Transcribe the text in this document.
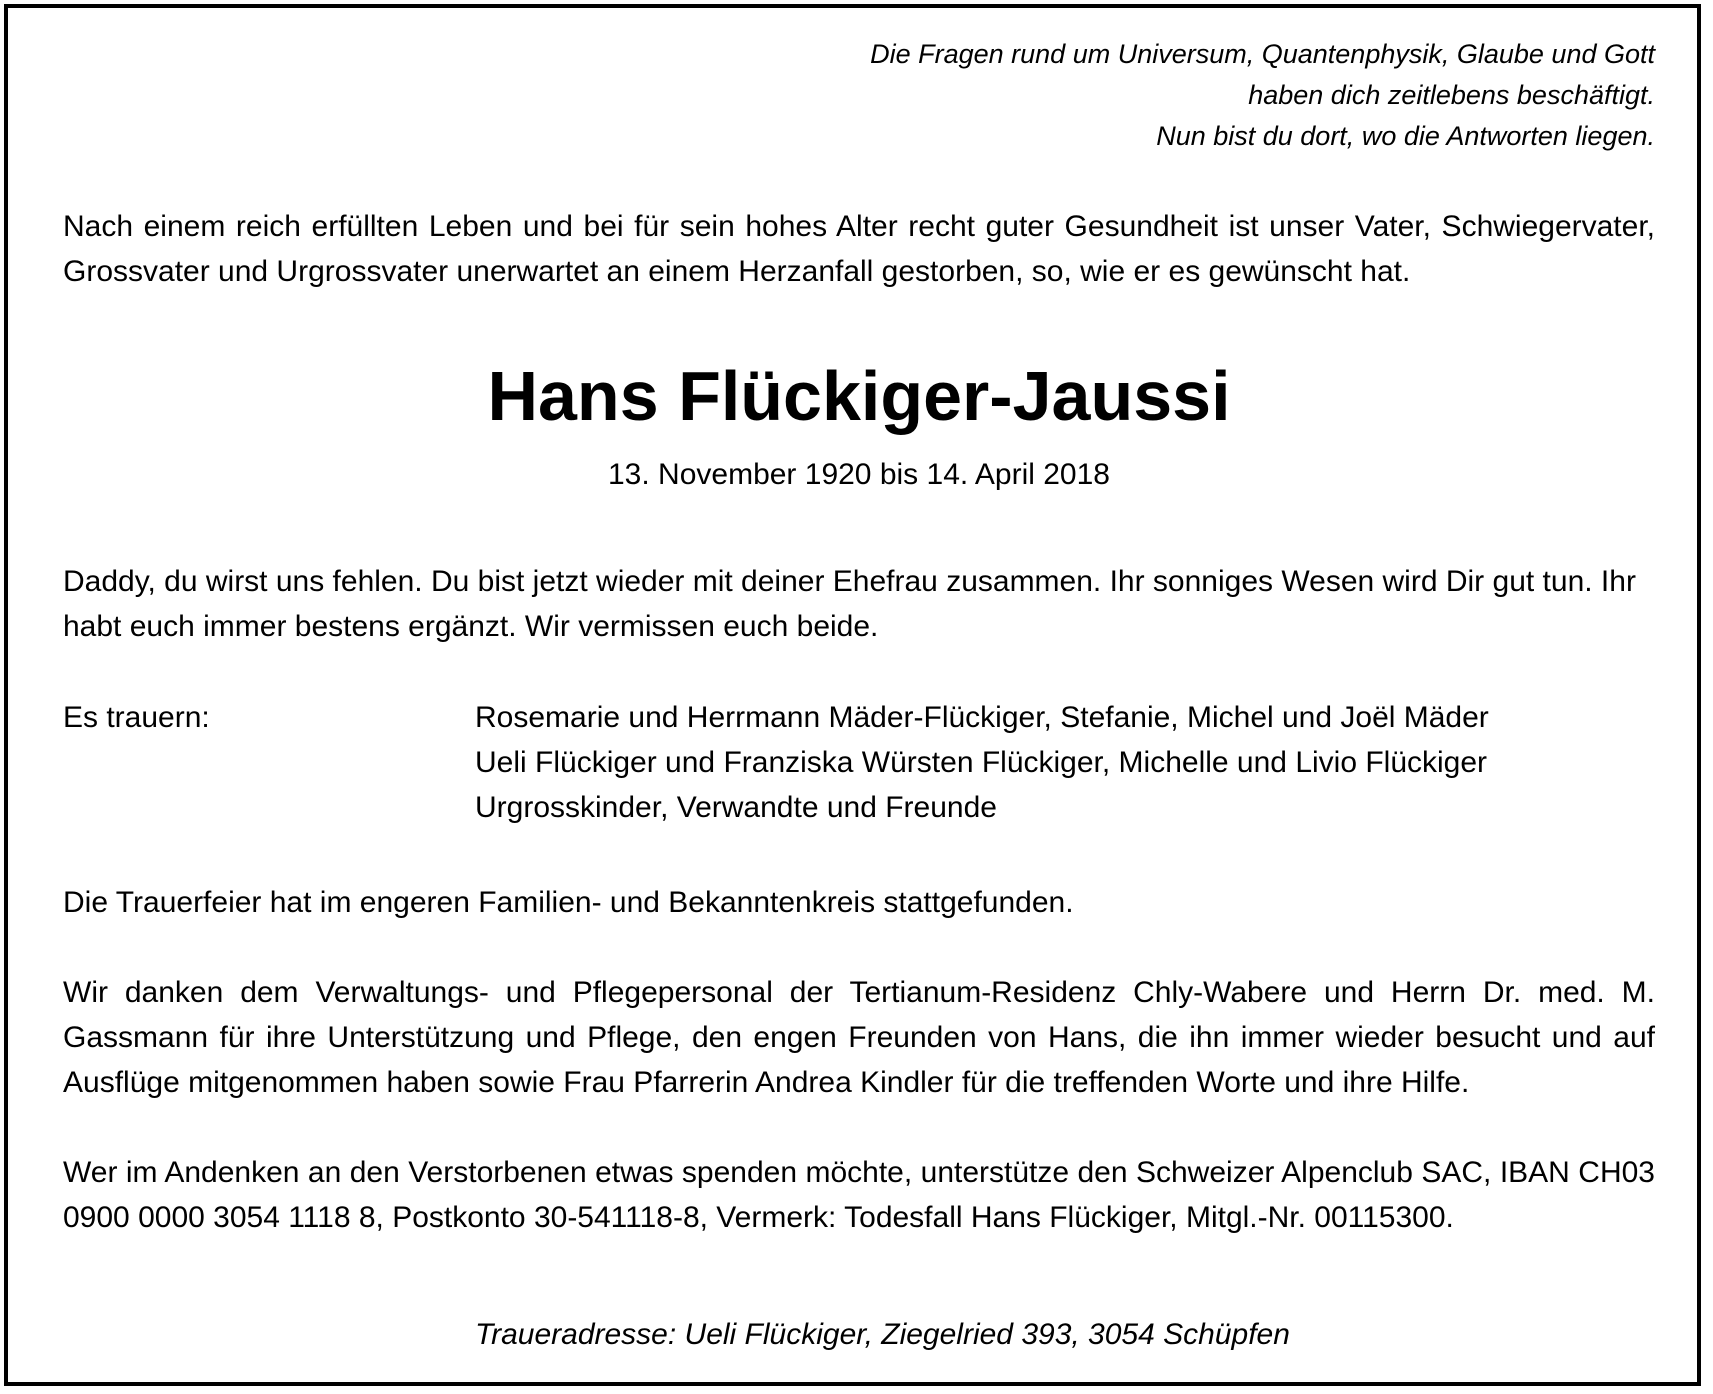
Die Fragen rund um Universum, Quantenphysik, Glaube und Gott
haben dich zeitlebens beschäftigt.
Nun bist du dort, wo die Antworten liegen.

Nach einem reich erfüllten Leben und bei für sein hohes Alter recht guter Gesundheit ist unser Vater, Schwiegervater, Grossvater und Urgrossvater unerwartet an einem Herzanfall gestorben, so, wie er es gewünscht hat.

Hans Flückiger-Jaussi
13. November 1920 bis 14. April 2018

Daddy, du wirst uns fehlen. Du bist jetzt wieder mit deiner Ehefrau zusammen. Ihr sonniges Wesen wird Dir gut tun. Ihr habt euch immer bestens ergänzt. Wir vermissen euch beide.

Es trauern:	Rosemarie und Herrmann Mäder-Flückiger, Stefanie, Michel und Joël Mäder
Ueli Flückiger und Franziska Würsten Flückiger, Michelle und Livio Flückiger
Urgrosskinder, Verwandte und Freunde

Die Trauerfeier hat im engeren Familien- und Bekanntenkreis stattgefunden.

Wir danken dem Verwaltungs- und Pflegepersonal der Tertianum-Residenz Chly-Wabere und Herrn Dr. med. M. Gassmann für ihre Unterstützung und Pflege, den engen Freunden von Hans, die ihn immer wieder besucht und auf Ausflüge mitgenommen haben sowie Frau Pfarrerin Andrea Kindler für die treffenden Worte und ihre Hilfe.

Wer im Andenken an den Verstorbenen etwas spenden möchte, unterstütze den Schweizer Alpenclub SAC, IBAN CH03 0900 0000 3054 1118 8, Postkonto 30-541118-8, Vermerk: Todesfall Hans Flückiger, Mitgl.-Nr. 00115300.

Traueradresse: Ueli Flückiger, Ziegelried 393, 3054 Schüpfen
